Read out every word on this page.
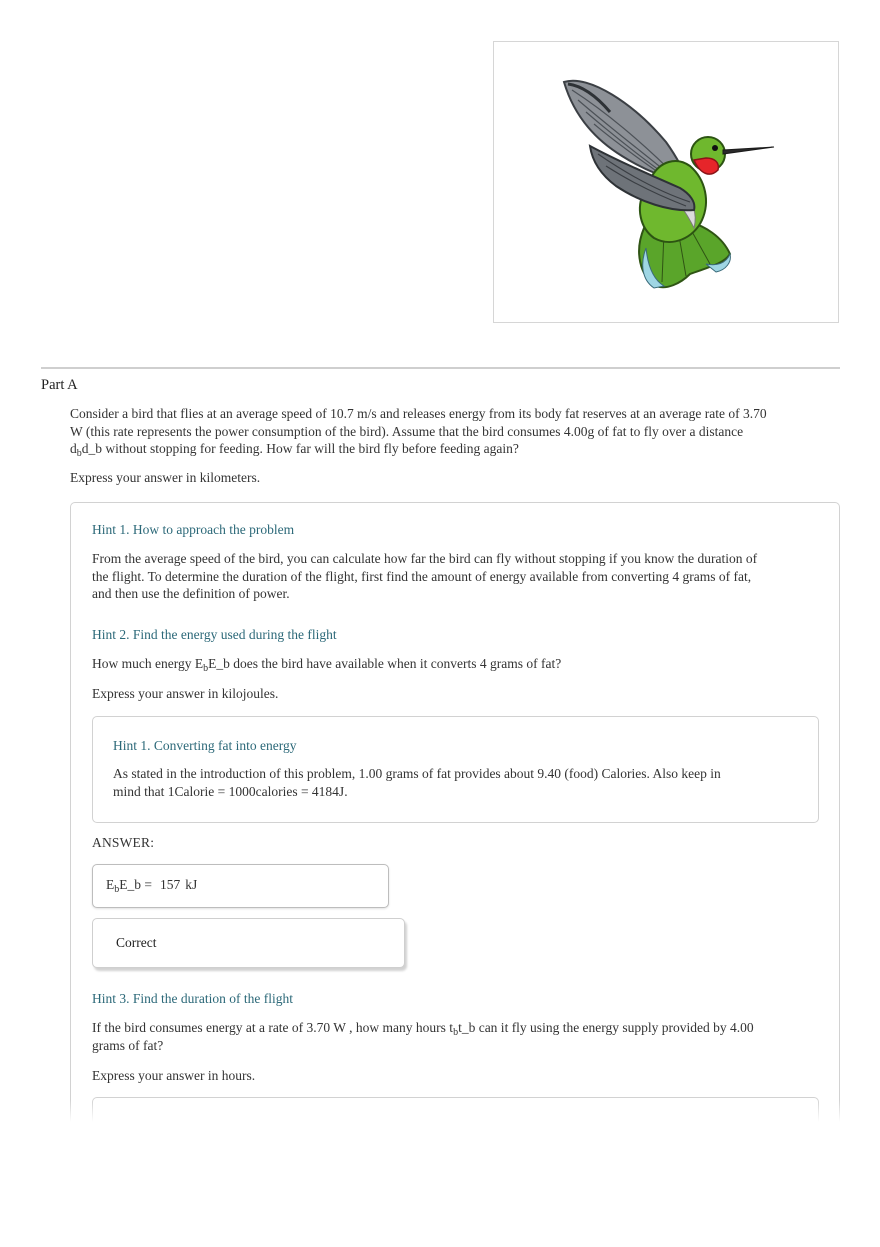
Part A
Consider a bird that flies at an average speed of 10.7 m/s and releases energy from its body fat reserves at an average rate of 3.70 W (this rate represents the power consumption of the bird). Assume that the bird consumes 4.00g of fat to fly over a distance $d_bd\_b$ without stopping for feeding. How far will the bird fly before feeding again?
Express your answer in kilometers.
Hint 1. How to approach the problem
From the average speed of the bird, you can calculate how far the bird can fly without stopping if you know the duration of the flight. To determine the duration of the flight, first find the amount of energy available from converting 4 grams of fat, and then use the definition of power.
Hint 2. Find the energy used during the flight
How much energy $E_bE\_b$ does the bird have available when it converts 4 grams of fat?
Express your answer in kilojoules.
Hint 1. Converting fat into energy
As stated in the introduction of this problem, 1.00 grams of fat provides about 9.40 (food) Calories. Also keep in mind that 1Calorie = 1000calories = 4184J.
ANSWER:
$E_bE\_b = 157$ kJ
Correct
Hint 3. Find the duration of the flight
If the bird consumes energy at a rate of 3.70 W , how many hours $t_bt\_b$ can it fly using the energy supply provided by 4.00 grams of fat?
Express your answer in hours.
